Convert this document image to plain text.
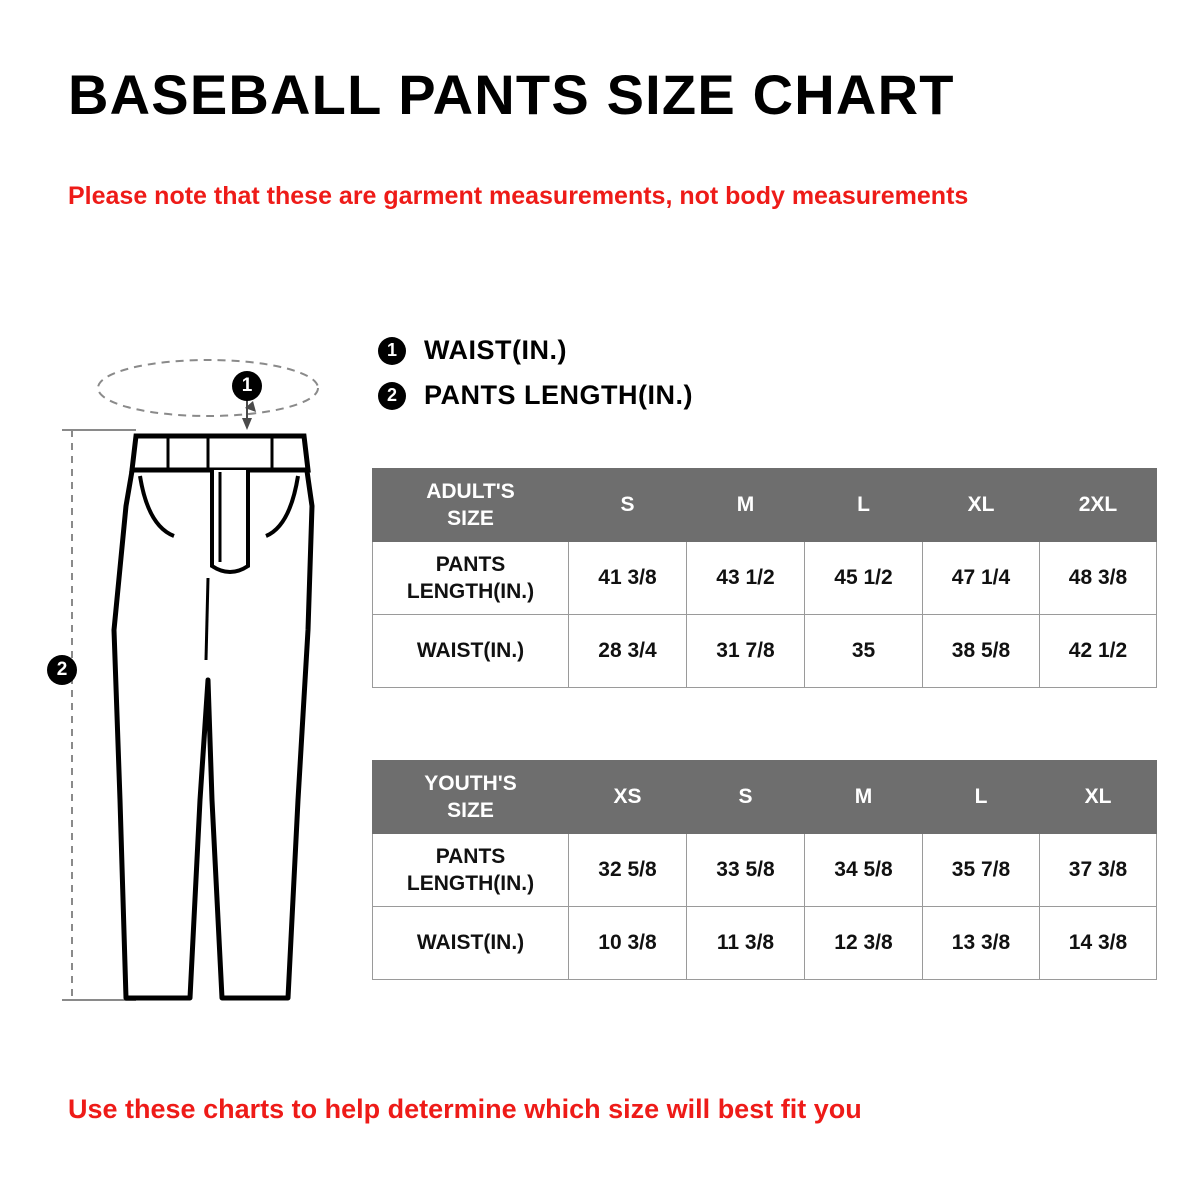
BASEBALL PANTS SIZE CHART
Please note that these are garment measurements, not body measurements
1
2
1	WAIST(IN.)
2	PANTS LENGTH(IN.)
ADULT'S
SIZE	S	M	L	XL	2XL

PANTS
LENGTH(IN.)	41 3/8	43 1/2	45 1/2	47 1/4	48 3/8
WAIST(IN.)	28 3/4	31 7/8	35	38 5/8	42 1/2
YOUTH'S
SIZE	XS	S	M	L	XL

PANTS
LENGTH(IN.)	32 5/8	33 5/8	34 5/8	35 7/8	37 3/8
WAIST(IN.)	10 3/8	11 3/8	12 3/8	13 3/8	14 3/8
Use these charts to help determine which size will best fit you
